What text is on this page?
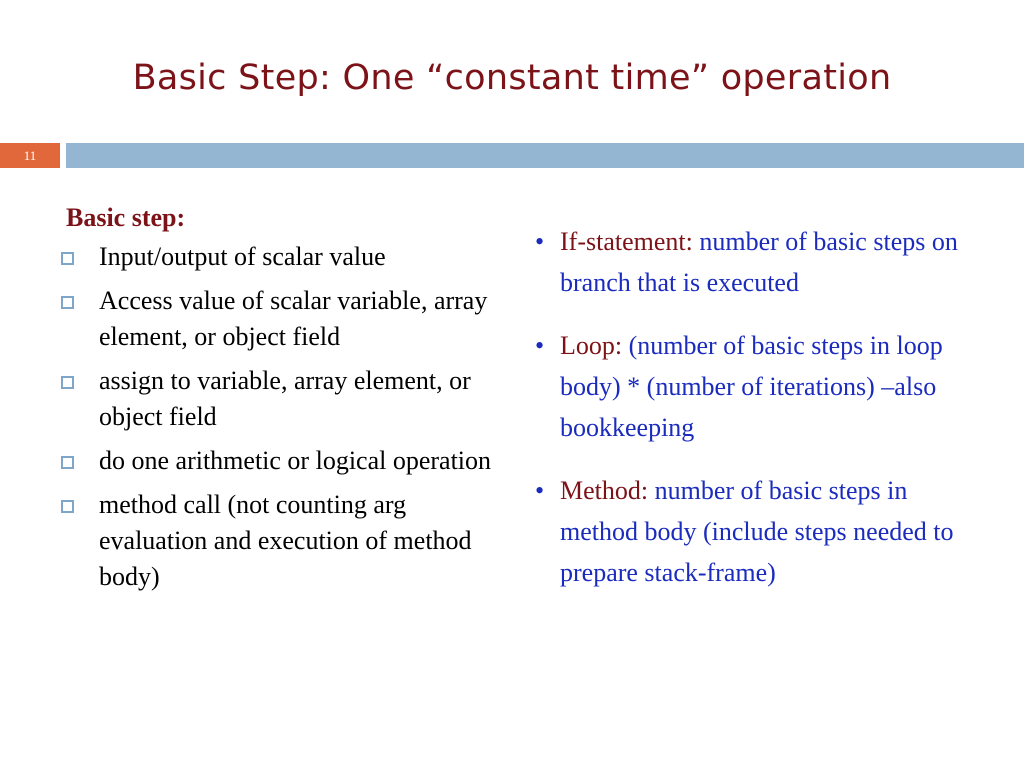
Basic Step: One “constant time” operation
11
Basic step:
Input/output of scalar value
Access value of scalar variable, array element, or object field
assign to variable, array element, or object field
do one arithmetic or logical operation
method call (not counting arg evaluation and execution of method body)
• If-statement: number of basic steps on branch that is executed
• Loop: (number of basic steps in loop body) * (number of iterations) –also bookkeeping
• Method: number of basic steps in method body (include steps needed to prepare stack-frame)
